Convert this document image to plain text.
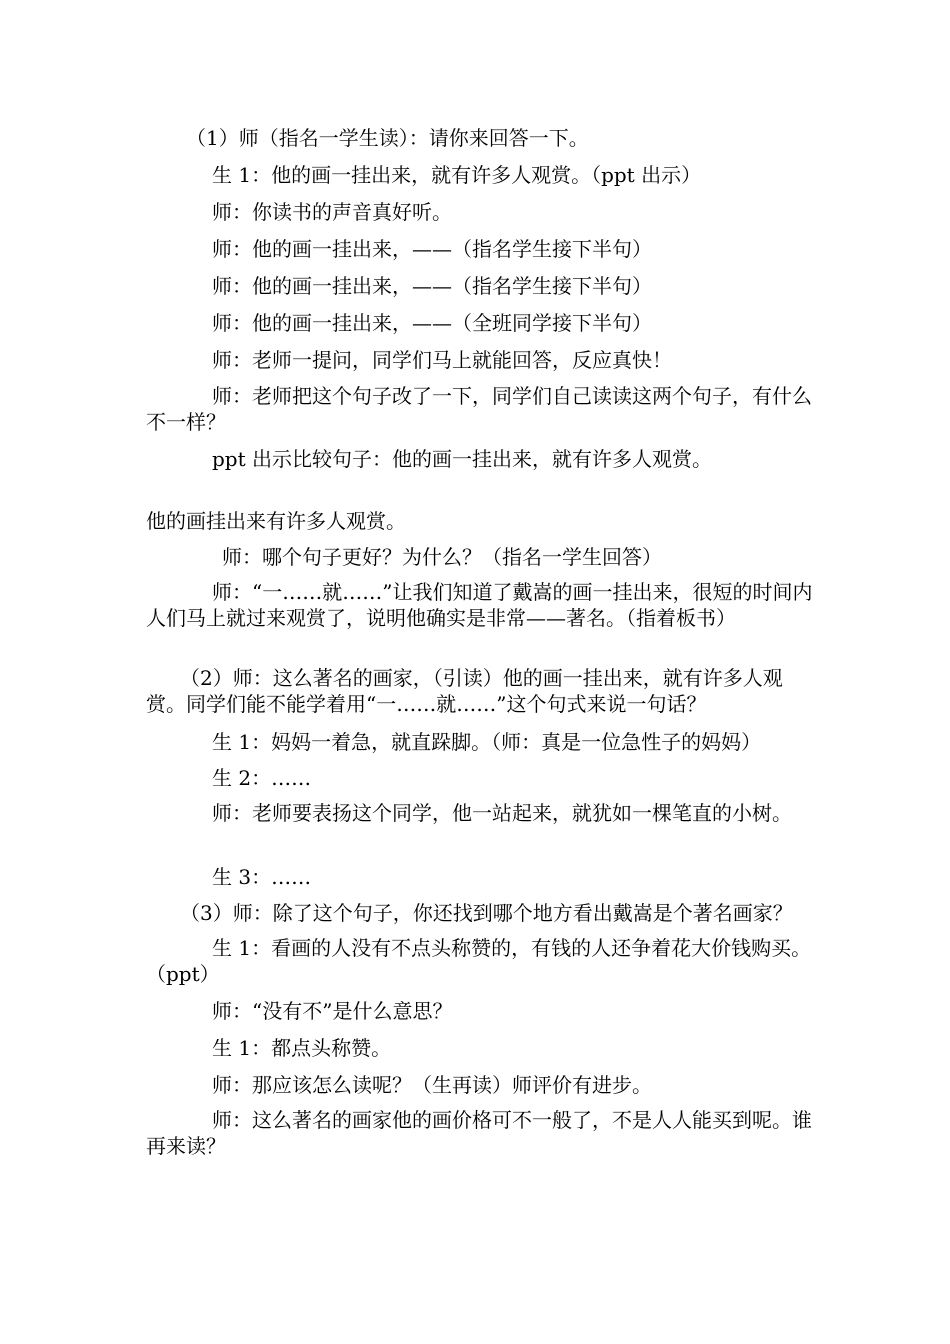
（1）师（指名一学生读）：请你来回答一下。
生 1：他的画一挂出来，就有许多人观赏。（ppt 出示）
师：你读书的声音真好听。
师：他的画一挂出来，——（指名学生接下半句）
师：他的画一挂出来，——（指名学生接下半句）
师：他的画一挂出来，——（全班同学接下半句）
师：老师一提问，同学们马上就能回答，反应真快！
师：老师把这个句子改了一下，同学们自己读读这两个句子，有什么不一样？
ppt 出示比较句子：他的画一挂出来，就有许多人观赏。
他的画挂出来有许多人观赏。
师：哪个句子更好？为什么？（指名一学生回答）
师：“一……就……”让我们知道了戴嵩的画一挂出来，很短的时间内人们马上就过来观赏了，说明他确实是非常——著名。（指着板书）
（2）师：这么著名的画家，（引读）他的画一挂出来，就有许多人观赏。同学们能不能学着用“一……就……”这个句式来说一句话？
生 1：妈妈一着急，就直跺脚。（师：真是一位急性子的妈妈）
生 2：……
师：老师要表扬这个同学，他一站起来，就犹如一棵笔直的小树。
生 3：……
（3）师：除了这个句子，你还找到哪个地方看出戴嵩是个著名画家？
生 1：看画的人没有不点头称赞的，有钱的人还争着花大价钱购买。（ppt）
师：“没有不”是什么意思？
生 1：都点头称赞。
师：那应该怎么读呢？（生再读）师评价有进步。
师：这么著名的画家他的画价格可不一般了，不是人人能买到呢。谁再来读？
